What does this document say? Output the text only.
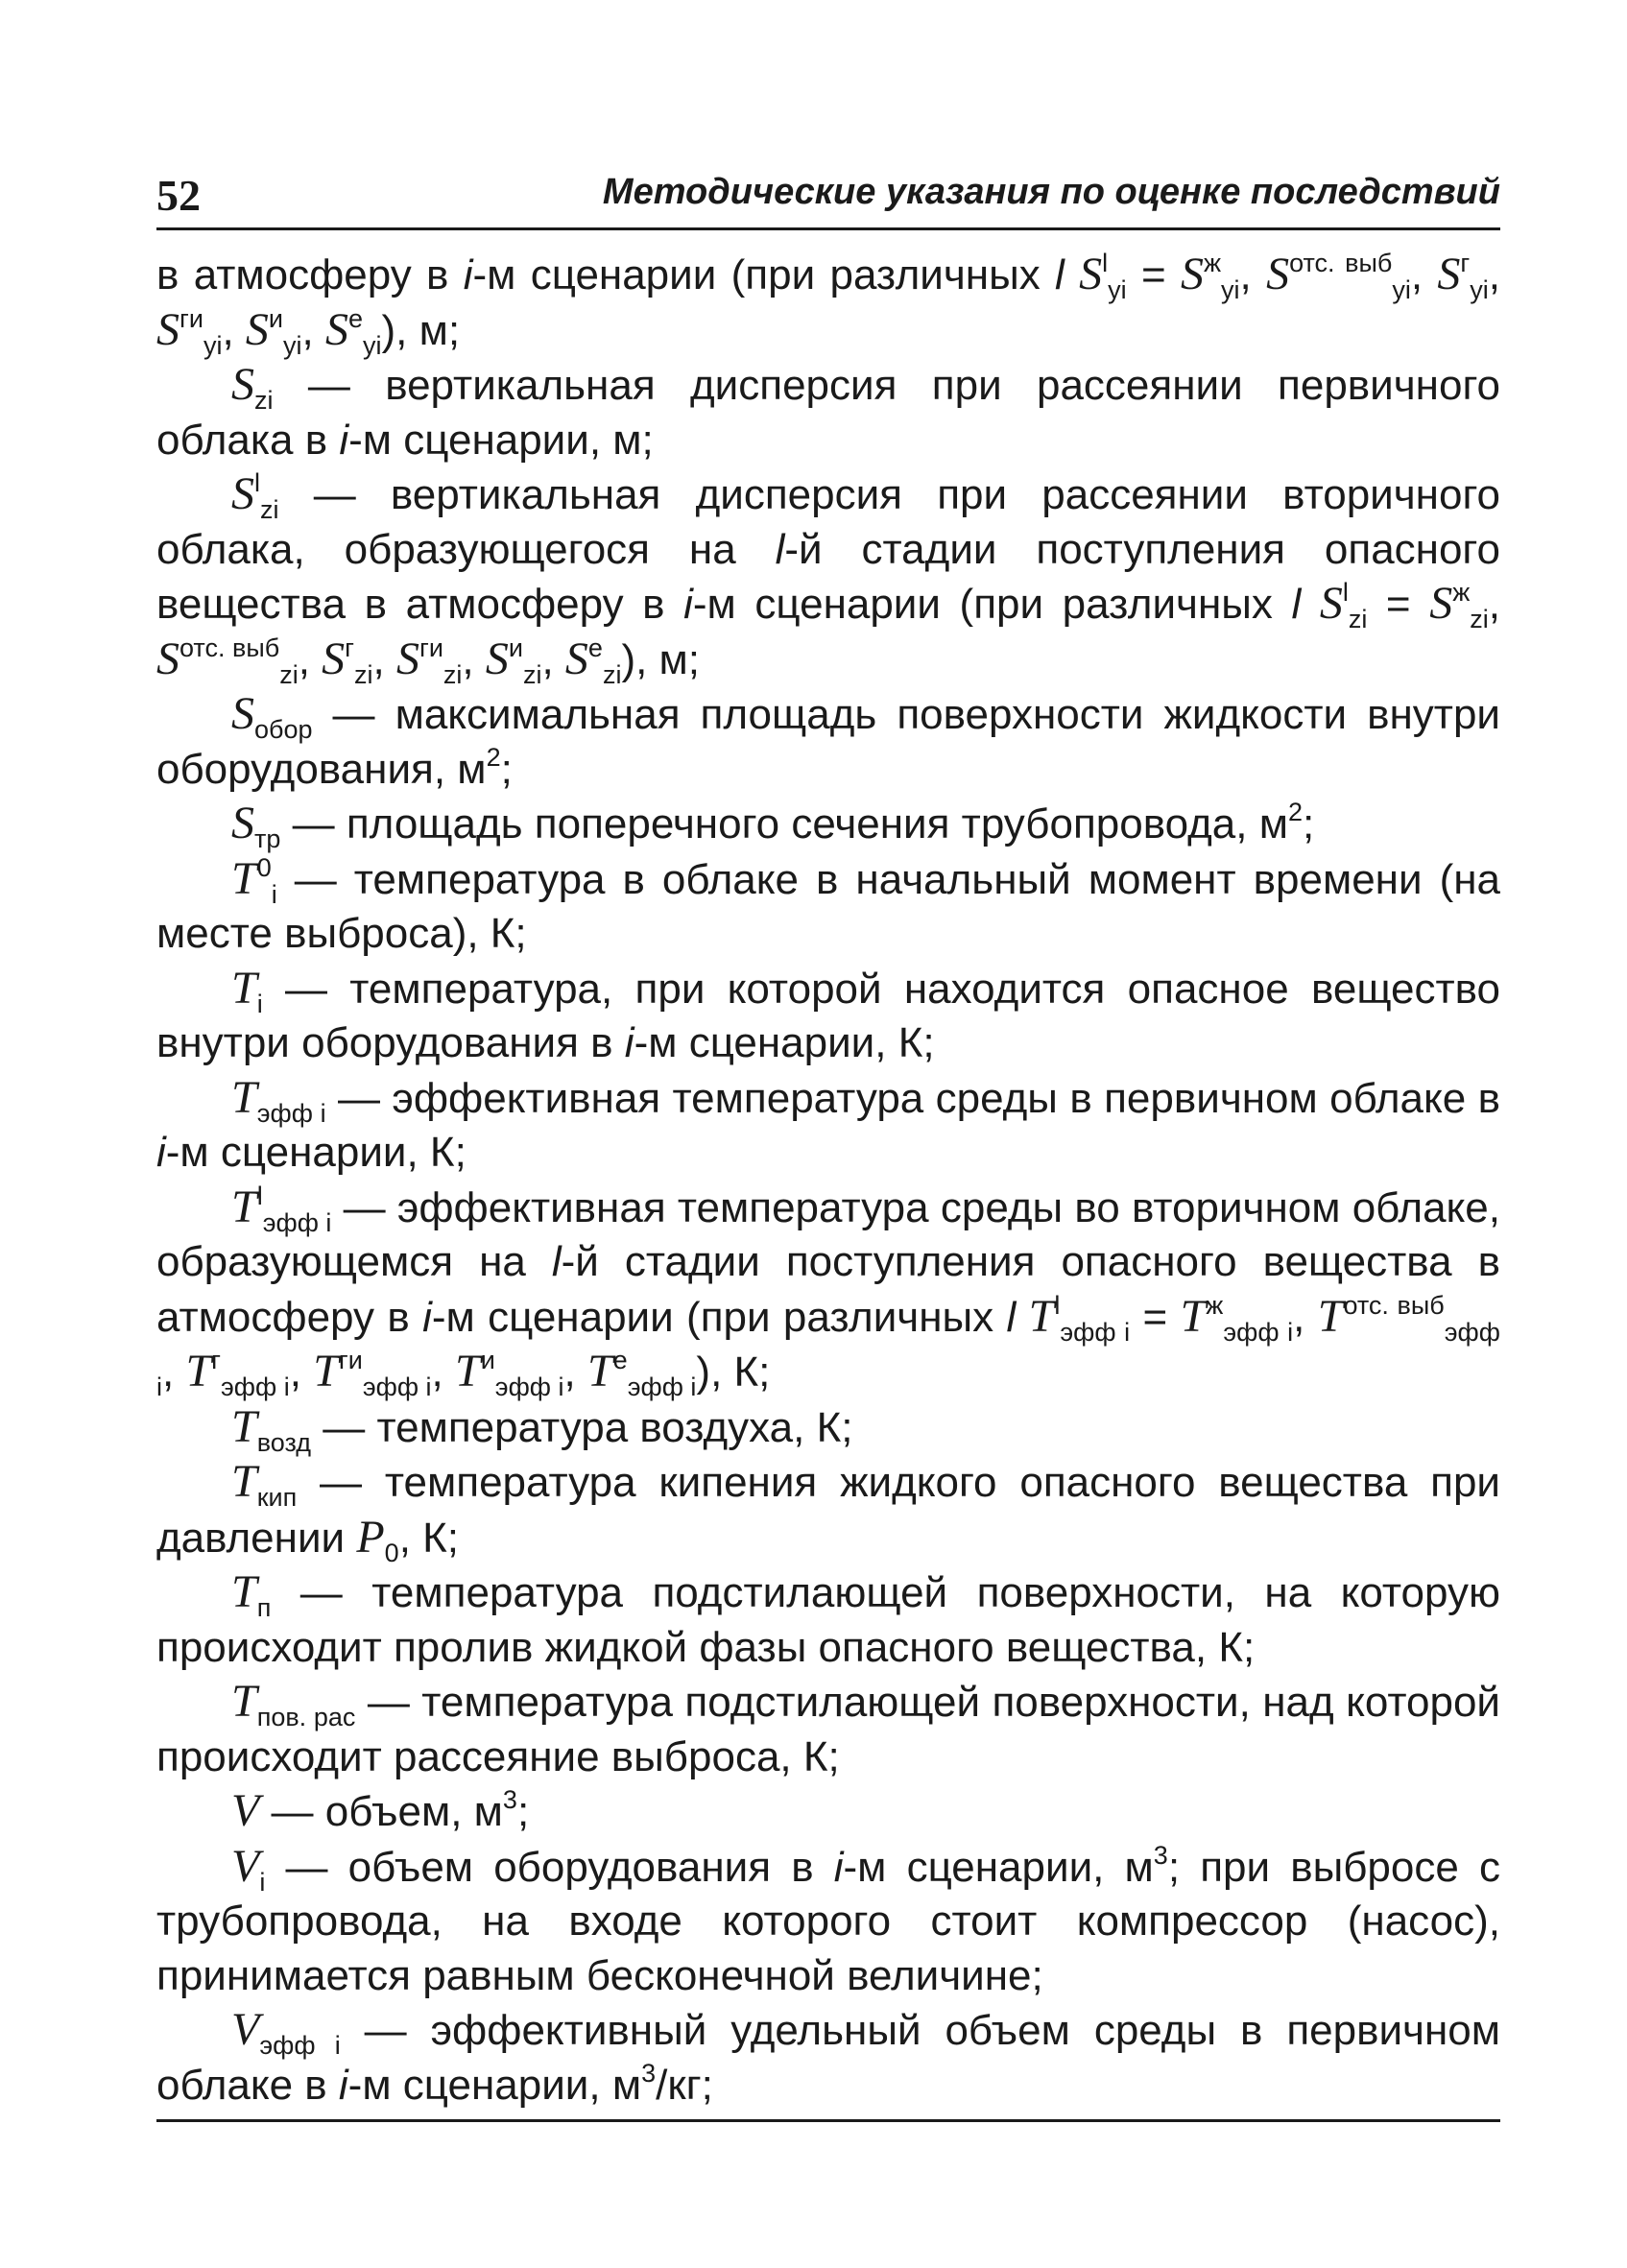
52	Методические указания по оценке последствий

в атмосферу в i-м сценарии (при различных l $S^l_{yi} = S^ж_{yi}$, $S^{отс. выб}_{yi}$, $S^г_{yi}$, $S^{ги}_{yi}$, $S^и_{yi}$, $S^е_{yi}$), м;

$S_{zi}$ — вертикальная дисперсия при рассеянии первичного облака в i-м сценарии, м;

$S^l_{zi}$ — вертикальная дисперсия при рассеянии вторичного облака, образующегося на l-й стадии поступления опасного вещества в атмосферу в i-м сценарии (при различных l $S^l_{zi} = S^ж_{zi}$, $S^{отс. выб}_{zi}$, $S^г_{zi}$, $S^{ги}_{zi}$, $S^и_{zi}$, $S^е_{zi}$), м;

$S_{обор}$ — максимальная площадь поверхности жидкости внутри оборудования, $м^2$;

$S_{тр}$ — площадь поперечного сечения трубопровода, $м^2$;

$T^0_i$ — температура в облаке в начальный момент времени (на месте выброса), К;

$T_i$ — температура, при которой находится опасное вещество внутри оборудования в i-м сценарии, К;

$T_{эфф i}$ — эффективная температура среды в первичном облаке в i-м сценарии, К;

$T^l_{эфф i}$ — эффективная температура среды во вторичном облаке, образующемся на l-й стадии поступления опасного вещества в атмосферу в i-м сценарии (при различных l $T^l_{эфф i} = T^ж_{эфф i}$, $T^{отс. выб}_{эфф i}$, $T^г_{эфф i}$, $T^{ги}_{эфф i}$, $T^и_{эфф i}$, $T^е_{эфф i}$), К;

$T_{возд}$ — температура воздуха, К;

$T_{кип}$ — температура кипения жидкого опасного вещества при давлении $P_0$, К;

$T_п$ — температура подстилающей поверхности, на которую происходит пролив жидкой фазы опасного вещества, К;

$T_{пов. рас}$ — температура подстилающей поверхности, над которой происходит рассеяние выброса, К;

V — объем, $м^3$;

$V_i$ — объем оборудования в i-м сценарии, $м^3$; при выбросе с трубопровода, на входе которого стоит компрессор (насос), принимается равным бесконечной величине;

$V_{эфф i}$ — эффективный удельный объем среды в первичном облаке в i-м сценарии, $м^3/кг$;
